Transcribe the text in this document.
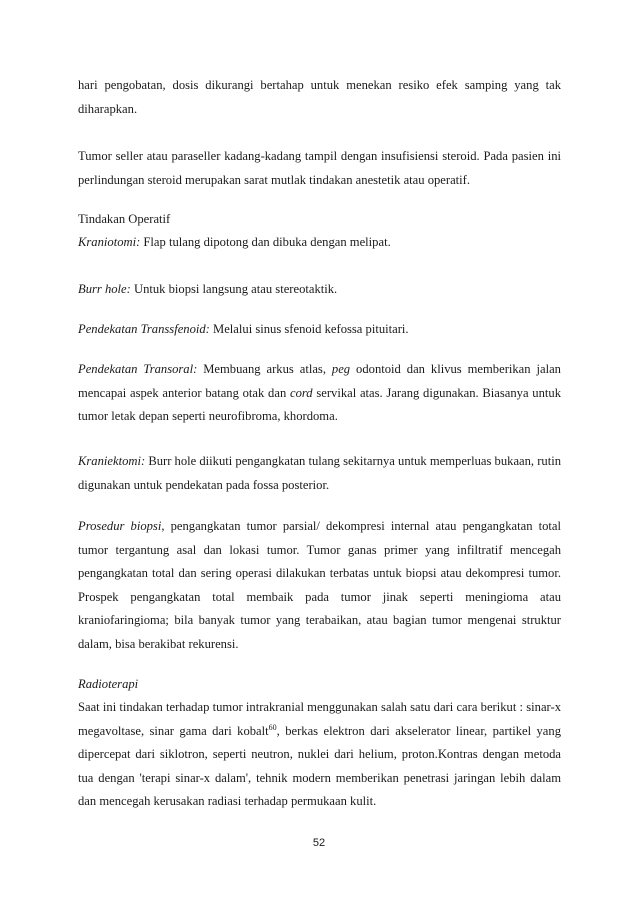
hari pengobatan, dosis dikurangi bertahap untuk menekan resiko efek samping yang tak diharapkan.

Tumor seller atau paraseller kadang-kadang tampil dengan insufisiensi steroid. Pada pasien ini perlindungan steroid merupakan sarat mutlak tindakan anestetik atau operatif.

Tindakan Operatif

Kraniotomi: Flap tulang dipotong dan dibuka dengan melipat.

Burr hole: Untuk biopsi langsung atau stereotaktik.

Pendekatan Transsfenoid: Melalui sinus sfenoid kefossa pituitari.

Pendekatan Transoral: Membuang arkus atlas, peg odontoid dan klivus memberikan jalan mencapai aspek anterior batang otak dan cord servikal atas. Jarang digunakan. Biasanya untuk tumor letak depan seperti neurofibroma, khordoma.

Kraniektomi: Burr hole diikuti pengangkatan tulang sekitarnya untuk memperluas bukaan, rutin digunakan untuk pendekatan pada fossa posterior.

Prosedur biopsi, pengangkatan tumor parsial/ dekompresi internal atau pengangkatan total tumor tergantung asal dan lokasi tumor. Tumor ganas primer yang infiltratif mencegah pengangkatan total dan sering operasi dilakukan terbatas untuk biopsi atau dekompresi tumor. Prospek pengangkatan total membaik pada tumor jinak seperti meningioma atau kraniofaringioma; bila banyak tumor yang terabaikan, atau bagian tumor mengenai struktur dalam, bisa berakibat rekurensi.

Radioterapi

Saat ini tindakan terhadap tumor intrakranial menggunakan salah satu dari cara berikut : sinar-x megavoltase, sinar gama dari kobalt$^{60}$, berkas elektron dari akselerator linear, partikel yang dipercepat dari siklotron, seperti neutron, nuklei dari helium, proton.Kontras dengan metoda tua dengan 'terapi sinar-x dalam', tehnik modern memberikan penetrasi jaringan lebih dalam dan mencegah kerusakan radiasi terhadap permukaan kulit.

52
